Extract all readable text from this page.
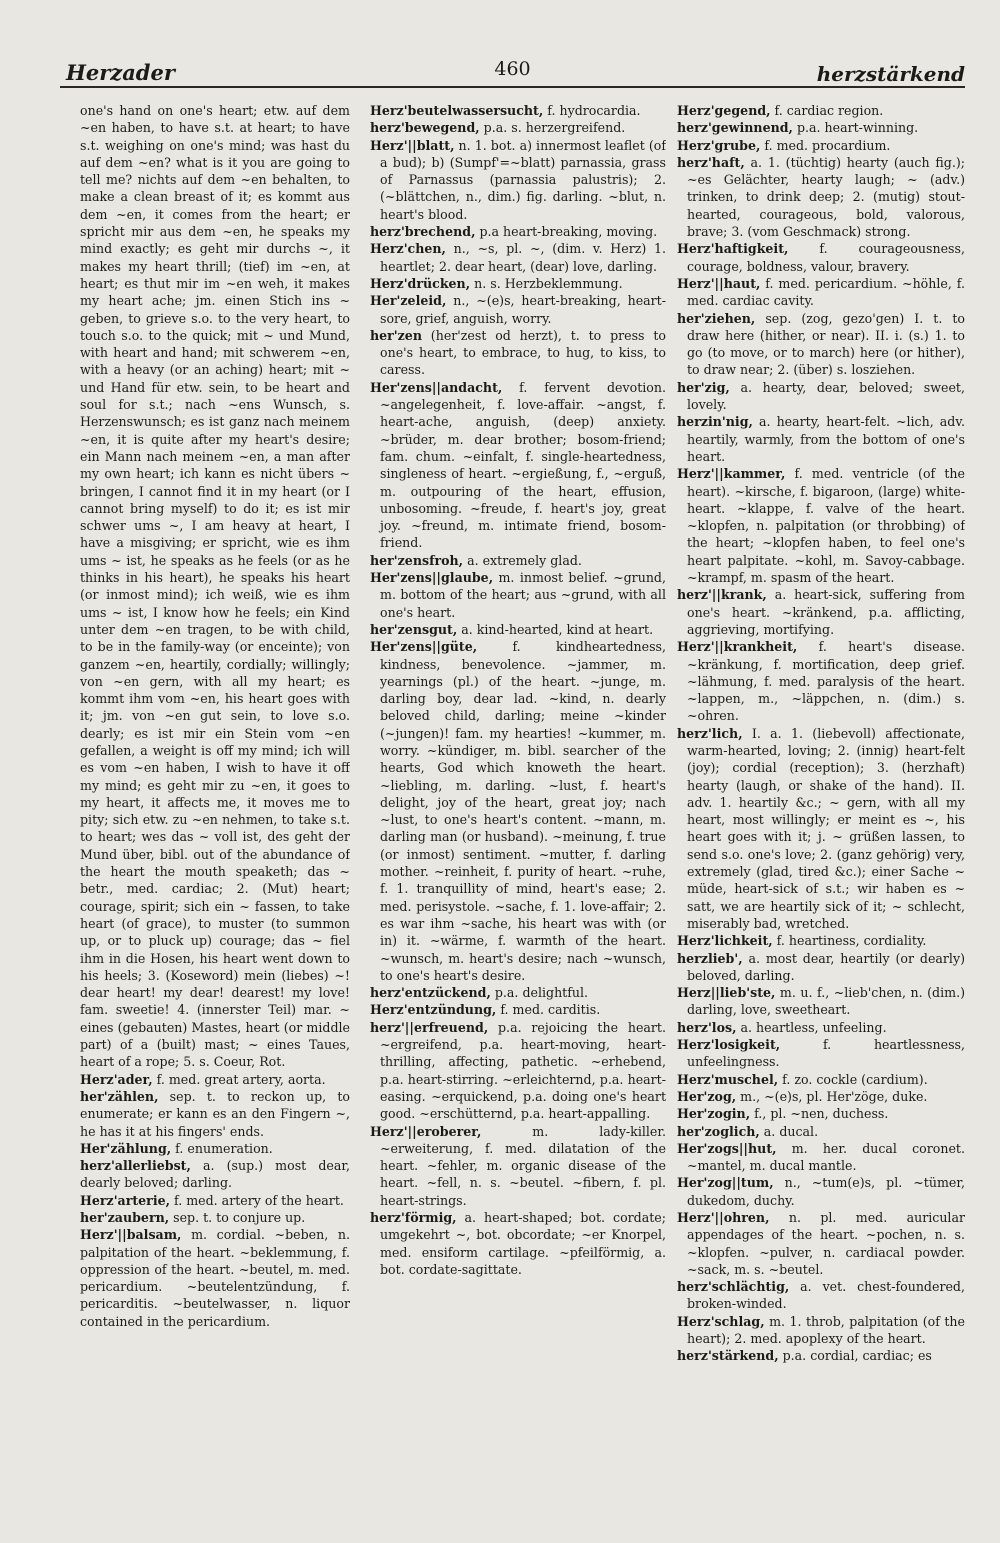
Herzader	460	herzstärkend

one's hand on one's heart; etw. auf dem ~en haben, to have s.t. at heart; to have s.t. weighing on one's mind; was hast du auf dem ~en? what is it you are going to tell me? nichts auf dem ~en behalten, to make a clean breast of it; es kommt aus dem ~en, it comes from the heart; er spricht mir aus dem ~en, he speaks my mind exactly; es geht mir durchs ~, it makes my heart thrill; (tief) im ~en, at heart; es thut mir im ~en weh, it makes my heart ache; jm. einen Stich ins ~ geben, to grieve s.o. to the very heart, to touch s.o. to the quick; mit ~ und Mund, with heart and hand; mit schwerem ~en, with a heavy (or an aching) heart; mit ~ und Hand für etw. sein, to be heart and soul for s.t.; nach ~ens Wunsch, s. Herzenswunsch; es ist ganz nach meinem ~en, it is quite after my heart's desire; ein Mann nach meinem ~en, a man after my own heart; ich kann es nicht übers ~ bringen, I cannot find it in my heart (or I cannot bring myself) to do it; es ist mir schwer ums ~, I am heavy at heart, I have a misgiving; er spricht, wie es ihm ums ~ ist, he speaks as he feels (or as he thinks in his heart), he speaks his heart (or inmost mind); ich weiß, wie es ihm ums ~ ist, I know how he feels; ein Kind unter dem ~en tragen, to be with child, to be in the family-way (or enceinte); von ganzem ~en, heartily, cordially; willingly; von ~en gern, with all my heart; es kommt ihm vom ~en, his heart goes with it; jm. von ~en gut sein, to love s.o. dearly; es ist mir ein Stein vom ~en gefallen, a weight is off my mind; ich will es vom ~en haben, I wish to have it off my mind; es geht mir zu ~en, it goes to my heart, it affects me, it moves me to pity; sich etw. zu ~en nehmen, to take s.t. to heart; wes das ~ voll ist, des geht der Mund über, bibl. out of the abundance of the heart the mouth speaketh; das ~ betr., med. cardiac; 2. (Mut) heart; courage, spirit; sich ein ~ fassen, to take heart (of grace), to muster (to summon up, or to pluck up) courage; das ~ fiel ihm in die Hosen, his heart went down to his heels; 3. (Koseword) mein (liebes) ~! dear heart! my dear! dearest! my love! fam. sweetie! 4. (innerster Teil) mar. ~ eines (gebauten) Mastes, heart (or middle part) of a (built) mast; ~ eines Taues, heart of a rope; 5. s. Coeur, Rot.

Herz'ader, f. med. great artery, aorta.

her'zählen, sep. t. to reckon up, to enumerate; er kann es an den Fingern ~, he has it at his fingers' ends.

Her'zählung, f. enumeration.

herz'allerliebst, a. (sup.) most dear, dearly beloved; darling.

Herz'arterie, f. med. artery of the heart.

her'zaubern, sep. t. to conjure up.

Herz'||balsam, m. cordial. ~beben, n. palpitation of the heart. ~beklemmung, f. oppression of the heart. ~beutel, m. med. pericardium. ~beutelentzündung, f. pericarditis. ~beutelwasser, n. liquor contained in the pericardium.

Herz'beutelwassersucht, f. hydrocardia.

herz'bewegend, p.a. s. herzergreifend.

Herz'||blatt, n. 1. bot. a) innermost leaflet (of a bud); b) (Sumpf'=~blatt) parnassia, grass of Parnassus (parnassia palustris); 2. (~blättchen, n., dim.) fig. darling. ~blut, n. heart's blood.

herz'brechend, p.a heart-breaking, moving.

Herz'chen, n., ~s, pl. ~, (dim. v. Herz) 1. heartlet; 2. dear heart, (dear) love, darling.

Herz'drücken, n. s. Herzbeklemmung.

Her'zeleid, n., ~(e)s, heart-breaking, heart-sore, grief, anguish, worry.

her'zen (her'zest od herzt), t. to press to one's heart, to embrace, to hug, to kiss, to caress.

Her'zens||andacht, f. fervent devotion. ~angelegenheit, f. love-affair. ~angst, f. heart-ache, anguish, (deep) anxiety. ~brüder, m. dear brother; bosom-friend; fam. chum. ~einfalt, f. single-heartedness, singleness of heart. ~ergießung, f., ~erguß, m. outpouring of the heart, effusion, unbosoming. ~freude, f. heart's joy, great joy. ~freund, m. intimate friend, bosom-friend.

her'zensfroh, a. extremely glad.

Her'zens||glaube, m. inmost belief. ~grund, m. bottom of the heart; aus ~grund, with all one's heart.

her'zensgut, a. kind-hearted, kind at heart.

Her'zens||güte, f. kindheartedness, kindness, benevolence. ~jammer, m. yearnings (pl.) of the heart. ~junge, m. darling boy, dear lad. ~kind, n. dearly beloved child, darling; meine ~kinder (~jungen)! fam. my hearties! ~kummer, m. worry. ~kündiger, m. bibl. searcher of the hearts, God which knoweth the heart. ~liebling, m. darling. ~lust, f. heart's delight, joy of the heart, great joy; nach ~lust, to one's heart's content. ~mann, m. darling man (or husband). ~meinung, f. true (or inmost) sentiment. ~mutter, f. darling mother. ~reinheit, f. purity of heart. ~ruhe, f. 1. tranquillity of mind, heart's ease; 2. med. perisystole. ~sache, f. 1. love-affair; 2. es war ihm ~sache, his heart was with (or in) it. ~wärme, f. warmth of the heart. ~wunsch, m. heart's desire; nach ~wunsch, to one's heart's desire.

herz'entzückend, p.a. delightful.

Herz'entzündung, f. med. carditis.

herz'||erfreuend, p.a. rejoicing the heart. ~ergreifend, p.a. heart-moving, heart-thrilling, affecting, pathetic. ~erhebend, p.a. heart-stirring. ~erleichternd, p.a. heart-easing. ~erquickend, p.a. doing one's heart good. ~erschütternd, p.a. heart-appalling.

Herz'||eroberer, m. lady-killer. ~erweiterung, f. med. dilatation of the heart. ~fehler, m. organic disease of the heart. ~fell, n. s. ~beutel. ~fibern, f. pl. heart-strings.

herz'förmig, a. heart-shaped; bot. cordate; umgekehrt ~, bot. obcordate; ~er Knorpel, med. ensiform cartilage. ~pfeilförmig, a. bot. cordate-sagittate.

Herz'gegend, f. cardiac region.

herz'gewinnend, p.a. heart-winning.

Herz'grube, f. med. procardium.

herz'haft, a. 1. (tüchtig) hearty (auch fig.); ~es Gelächter, hearty laugh; ~ (adv.) trinken, to drink deep; 2. (mutig) stout-hearted, courageous, bold, valorous, brave; 3. (vom Geschmack) strong.

Herz'haftigkeit, f. courageousness, courage, boldness, valour, bravery.

Herz'||haut, f. med. pericardium. ~höhle, f. med. cardiac cavity.

her'ziehen, sep. (zog, gezo'gen) I. t. to draw here (hither, or near). II. i. (s.) 1. to go (to move, or to march) here (or hither), to draw near; 2. (über) s. losziehen.

her'zig, a. hearty, dear, beloved; sweet, lovely.

herzin'nig, a. hearty, heart-felt. ~lich, adv. heartily, warmly, from the bottom of one's heart.

Herz'||kammer, f. med. ventricle (of the heart). ~kirsche, f. bigaroon, (large) white-heart. ~klappe, f. valve of the heart. ~klopfen, n. palpitation (or throbbing) of the heart; ~klopfen haben, to feel one's heart palpitate. ~kohl, m. Savoy-cabbage. ~krampf, m. spasm of the heart.

herz'||krank, a. heart-sick, suffering from one's heart. ~kränkend, p.a. afflicting, aggrieving, mortifying.

Herz'||krankheit, f. heart's disease. ~kränkung, f. mortification, deep grief. ~lähmung, f. med. paralysis of the heart. ~lappen, m., ~läppchen, n. (dim.) s. ~ohren.

herz'lich, I. a. 1. (liebevoll) affectionate, warm-hearted, loving; 2. (innig) heart-felt (joy); cordial (reception); 3. (herzhaft) hearty (laugh, or shake of the hand). II. adv. 1. heartily &c.; ~ gern, with all my heart, most willingly; er meint es ~, his heart goes with it; j. ~ grüßen lassen, to send s.o. one's love; 2. (ganz gehörig) very, extremely (glad, tired &c.); einer Sache ~ müde, heart-sick of s.t.; wir haben es ~ satt, we are heartily sick of it; ~ schlecht, miserably bad, wretched.

Herz'lichkeit, f. heartiness, cordiality.

herzlieb', a. most dear, heartily (or dearly) beloved, darling.

Herz||lieb'ste, m. u. f., ~lieb'chen, n. (dim.) darling, love, sweetheart.

herz'los, a. heartless, unfeeling.

Herz'losigkeit, f. heartlessness, unfeelingness.

Herz'muschel, f. zo. cockle (cardium).

Her'zog, m., ~(e)s, pl. Her'zöge, duke.

Her'zogin, f., pl. ~nen, duchess.

her'zoglich, a. ducal.

Her'zogs||hut, m. her. ducal coronet. ~mantel, m. ducal mantle.

Her'zog||tum, n., ~tum(e)s, pl. ~tümer, dukedom, duchy.

Herz'||ohren, n. pl. med. auricular appendages of the heart. ~pochen, n. s. ~klopfen. ~pulver, n. cardiacal powder. ~sack, m. s. ~beutel.

herz'schlächtig, a. vet. chest-foundered, broken-winded.

Herz'schlag, m. 1. throb, palpitation (of the heart); 2. med. apoplexy of the heart.

herz'stärkend, p.a. cordial, cardiac; es
